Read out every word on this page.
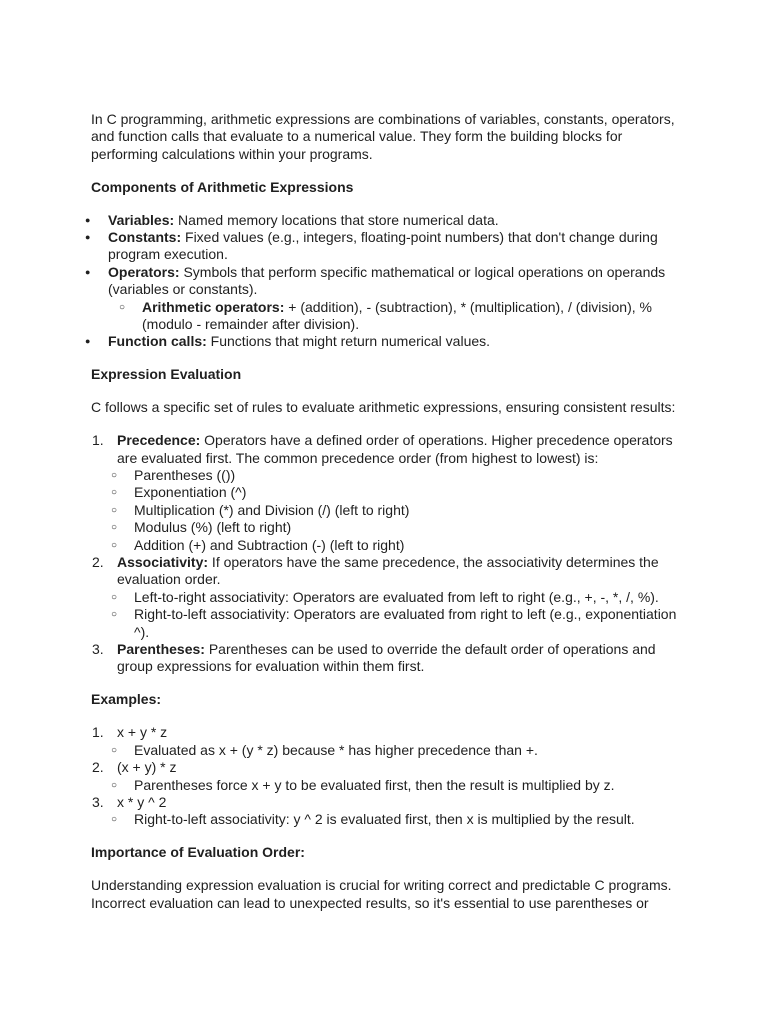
In C programming, arithmetic expressions are combinations of variables, constants, operators, and function calls that evaluate to a numerical value. They form the building blocks for performing calculations within your programs.

Components of Arithmetic Expressions

● Variables: Named memory locations that store numerical data.
● Constants: Fixed values (e.g., integers, floating-point numbers) that don't change during program execution.
● Operators: Symbols that perform specific mathematical or logical operations on operands (variables or constants).
○ Arithmetic operators: + (addition), - (subtraction), * (multiplication), / (division), % (modulo - remainder after division).
● Function calls: Functions that might return numerical values.

Expression Evaluation

C follows a specific set of rules to evaluate arithmetic expressions, ensuring consistent results:

1. Precedence: Operators have a defined order of operations. Higher precedence operators are evaluated first. The common precedence order (from highest to lowest) is:
○ Parentheses (())
○ Exponentiation (^)
○ Multiplication (*) and Division (/) (left to right)
○ Modulus (%) (left to right)
○ Addition (+) and Subtraction (-) (left to right)
2. Associativity: If operators have the same precedence, the associativity determines the evaluation order.
○ Left-to-right associativity: Operators are evaluated from left to right (e.g., +, -, *, /, %).
○ Right-to-left associativity: Operators are evaluated from right to left (e.g., exponentiation ^).
3. Parentheses: Parentheses can be used to override the default order of operations and group expressions for evaluation within them first.

Examples:

1. x + y * z
○ Evaluated as x + (y * z) because * has higher precedence than +.
2. (x + y) * z
○ Parentheses force x + y to be evaluated first, then the result is multiplied by z.
3. x * y ^ 2
○ Right-to-left associativity: y ^ 2 is evaluated first, then x is multiplied by the result.

Importance of Evaluation Order:

Understanding expression evaluation is crucial for writing correct and predictable C programs. Incorrect evaluation can lead to unexpected results, so it's essential to use parentheses or
